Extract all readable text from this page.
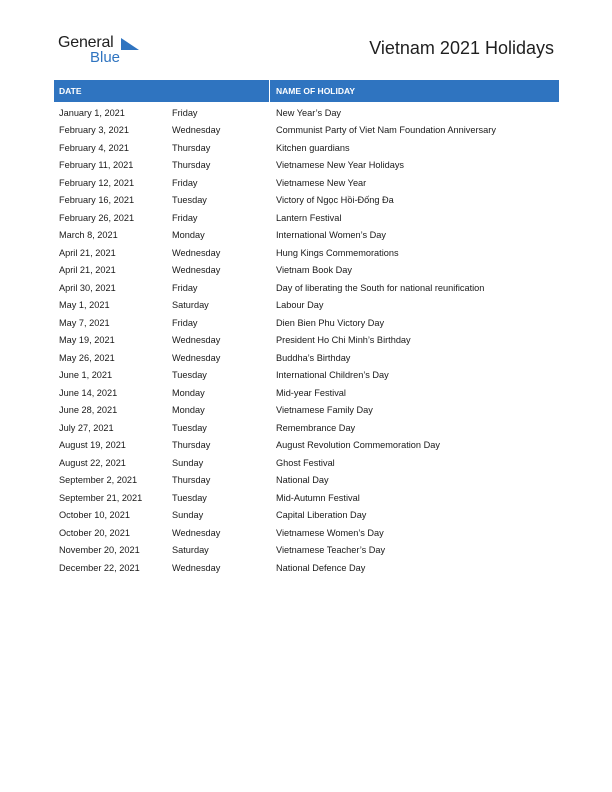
General
Blue	Vietnam 2021 Holidays
DATE	NAME OF HOLIDAY
January 1, 2021	Friday	New Year’s Day
February 3, 2021	Wednesday	Communist Party of Viet Nam Foundation Anniversary
February 4, 2021	Thursday	Kitchen guardians
February 11, 2021	Thursday	Vietnamese New Year Holidays
February 12, 2021	Friday	Vietnamese New Year
February 16, 2021	Tuesday	Victory of Ngọc Hồi-Đống Đa
February 26, 2021	Friday	Lantern Festival
March 8, 2021	Monday	International Women’s Day
April 21, 2021	Wednesday	Hung Kings Commemorations
April 21, 2021	Wednesday	Vietnam Book Day
April 30, 2021	Friday	Day of liberating the South for national reunification
May 1, 2021	Saturday	Labour Day
May 7, 2021	Friday	Dien Bien Phu Victory Day
May 19, 2021	Wednesday	President Ho Chi Minh’s Birthday
May 26, 2021	Wednesday	Buddha’s Birthday
June 1, 2021	Tuesday	International Children’s Day
June 14, 2021	Monday	Mid-year Festival
June 28, 2021	Monday	Vietnamese Family Day
July 27, 2021	Tuesday	Remembrance Day
August 19, 2021	Thursday	August Revolution Commemoration Day
August 22, 2021	Sunday	Ghost Festival
September 2, 2021	Thursday	National Day
September 21, 2021	Tuesday	Mid-Autumn Festival
October 10, 2021	Sunday	Capital Liberation Day
October 20, 2021	Wednesday	Vietnamese Women’s Day
November 20, 2021	Saturday	Vietnamese Teacher’s Day
December 22, 2021	Wednesday	National Defence Day
